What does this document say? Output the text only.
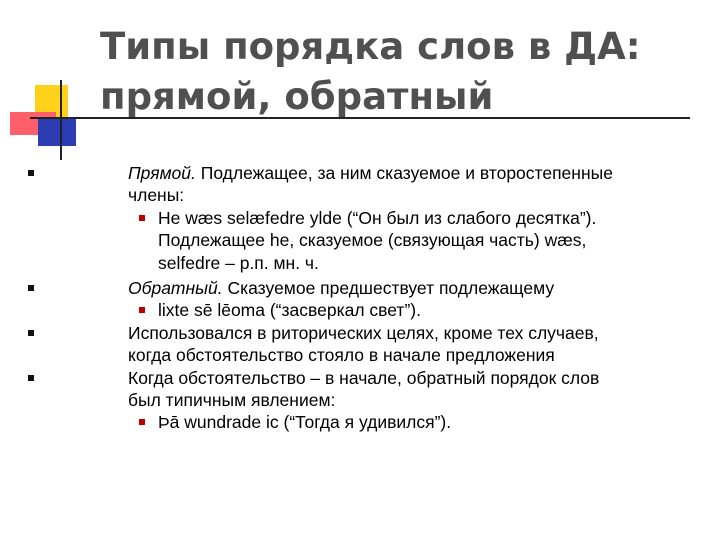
Типы порядка слов в ДА:
прямой, обратный
Прямой. Подлежащее, за ним сказуемое и второстепенные
члены:
He wæs selæfedre ylde (“Он был из слабого десятка”).
Подлежащее he, сказуемое (связующая часть) wæs,
selfedre – р.п. мн. ч.
Обратный. Сказуемое предшествует подлежащему
lixte sē lēoma (“засверкал свет”).
Использовался в риторических целях, кроме тех случаев,
когда обстоятельство стояло в начале предложения
Когда обстоятельство – в начале, обратный порядок слов
был типичным явлением:
Þā wundrade ic (“Тогда я удивился”).
